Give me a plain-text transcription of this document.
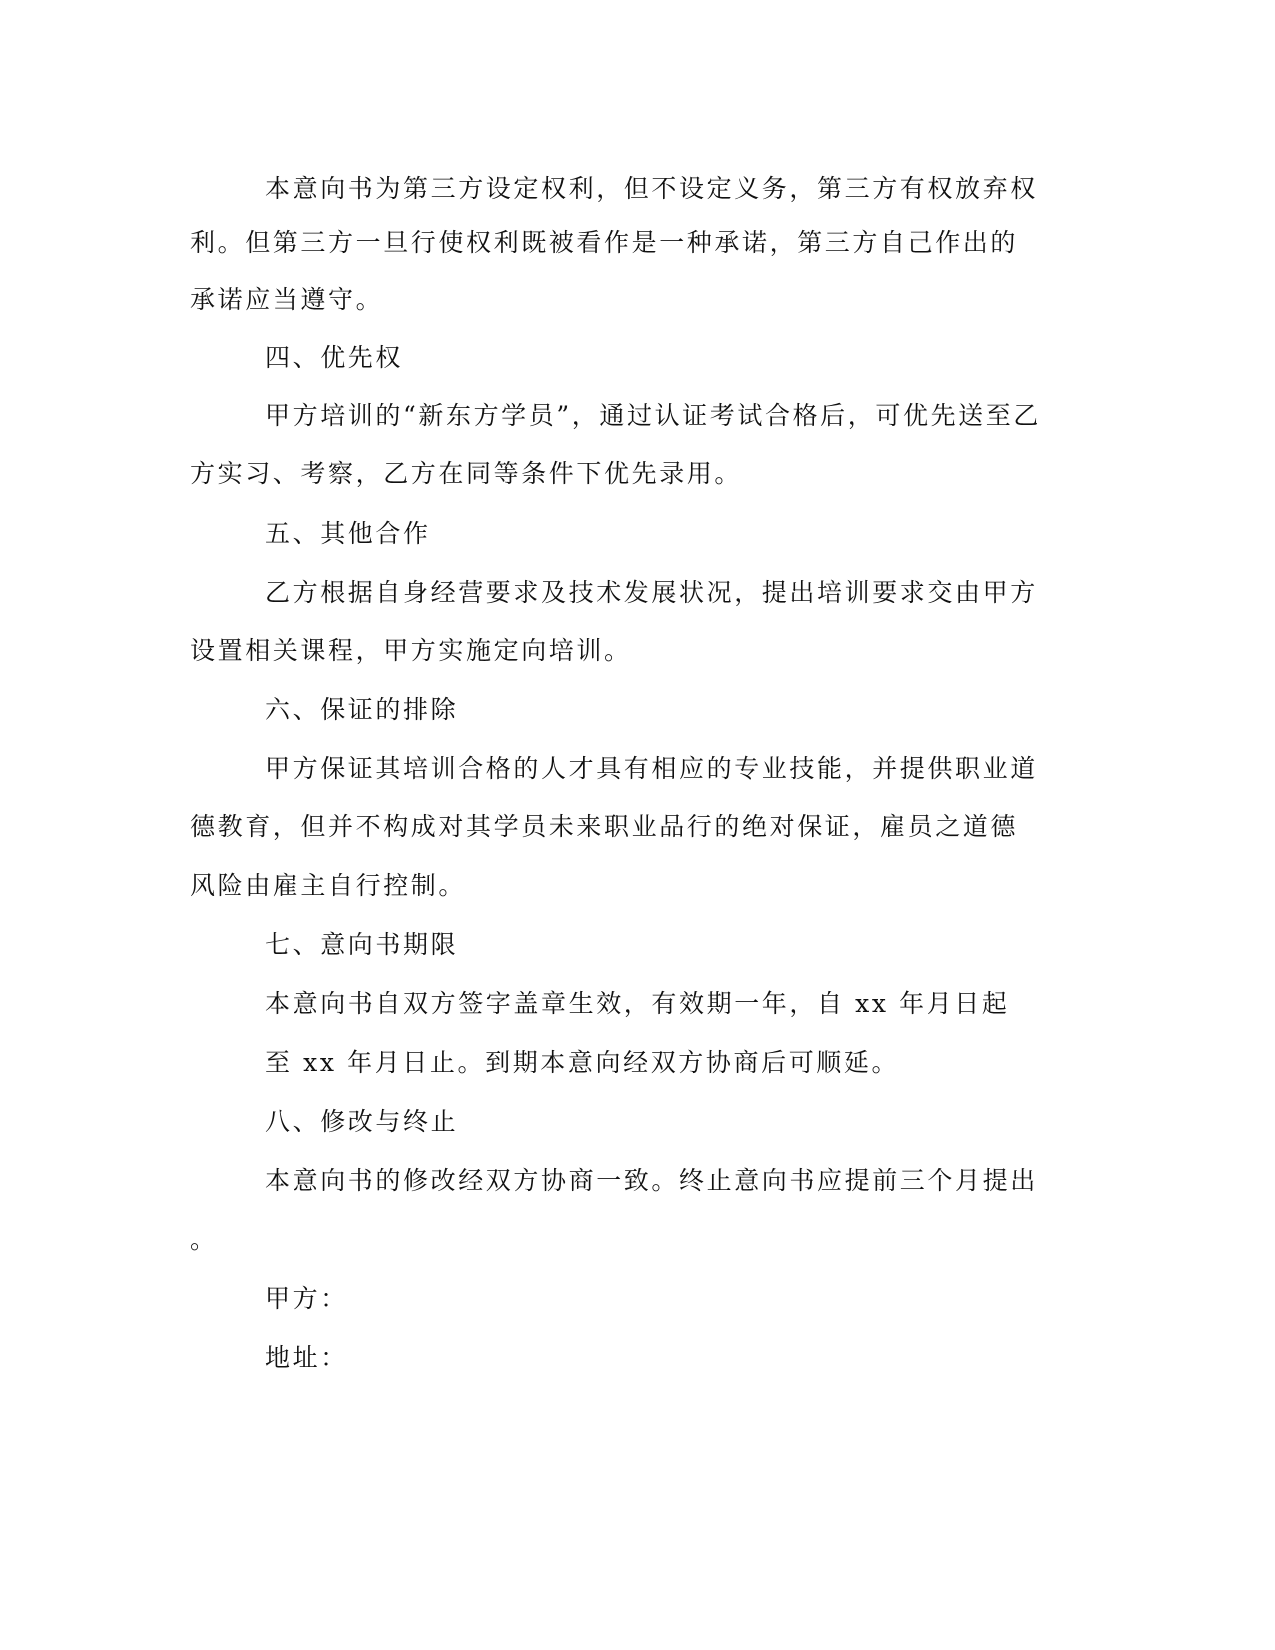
本意向书为第三方设定权利，但不设定义务，第三方有权放弃权

利。但第三方一旦行使权利既被看作是一种承诺，第三方自己作出的

承诺应当遵守。

四、优先权

甲方培训的“新东方学员”，通过认证考试合格后，可优先送至乙

方实习、考察，乙方在同等条件下优先录用。

五、其他合作

乙方根据自身经营要求及技术发展状况，提出培训要求交由甲方

设置相关课程，甲方实施定向培训。

六、保证的排除

甲方保证其培训合格的人才具有相应的专业技能，并提供职业道

德教育，但并不构成对其学员未来职业品行的绝对保证，雇员之道德

风险由雇主自行控制。

七、意向书期限

本意向书自双方签字盖章生效，有效期一年，自 xx 年月日起

至 xx 年月日止。到期本意向经双方协商后可顺延。

八、修改与终止

本意向书的修改经双方协商一致。终止意向书应提前三个月提出

。

甲方：

地址：
